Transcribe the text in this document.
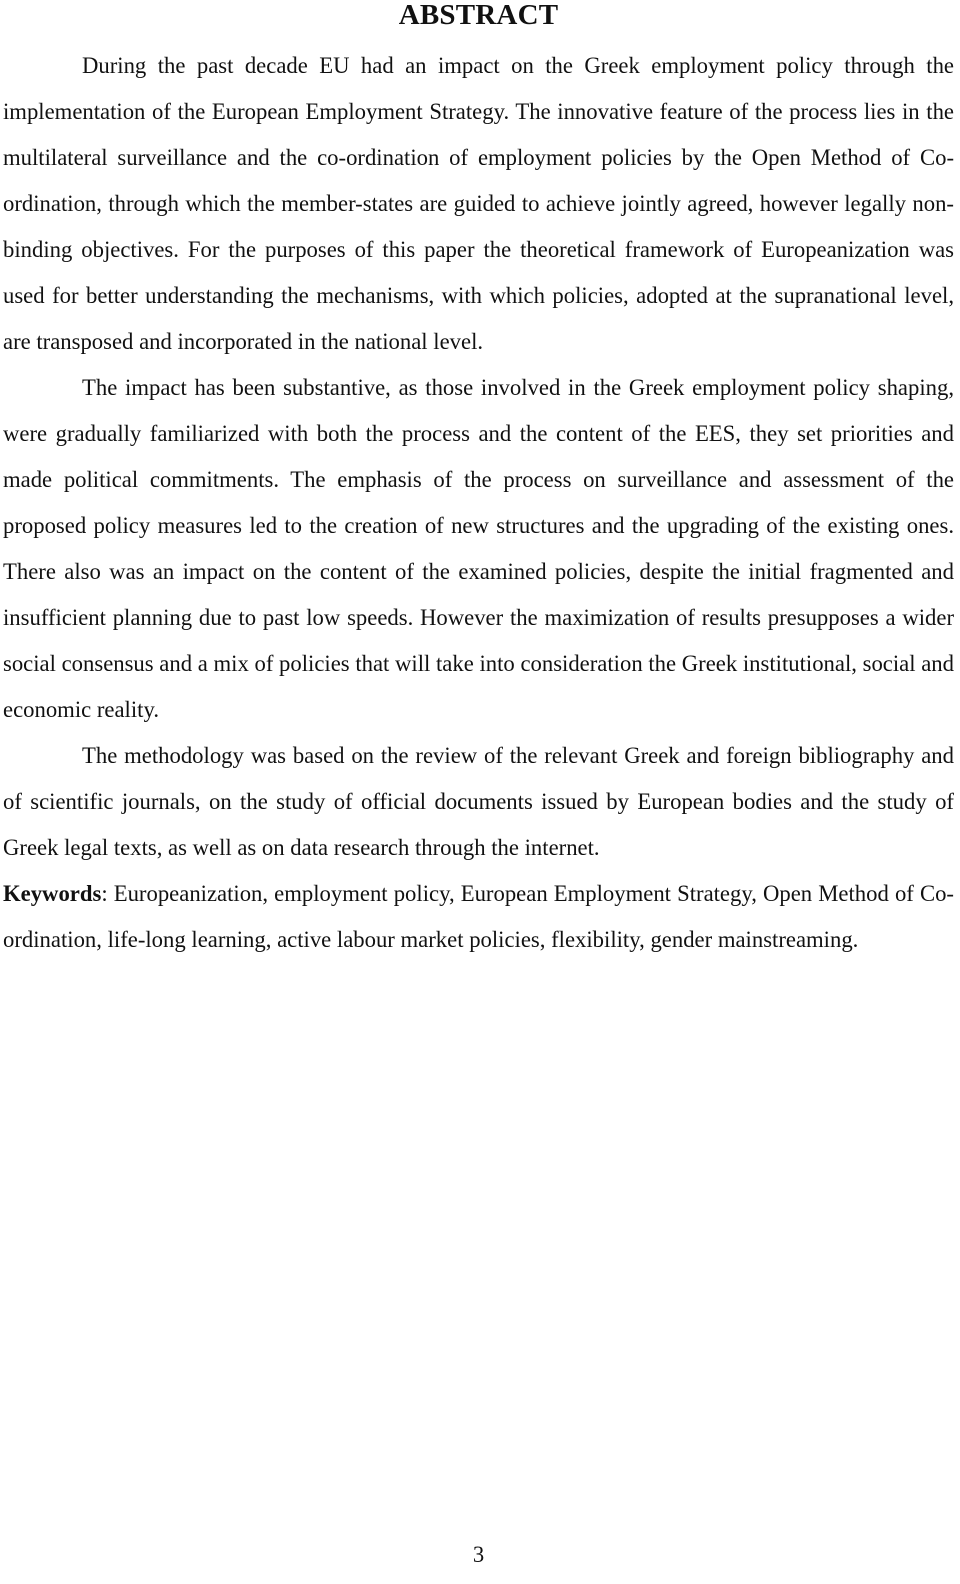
ABSTRACT

During the past decade EU had an impact on the Greek employment policy through the implementation of the European Employment Strategy. The innovative feature of the process lies in the multilateral surveillance and the co-ordination of employment policies by the Open Method of Co-ordination, through which the member-states are guided to achieve jointly agreed, however legally non-binding objectives. For the purposes of this paper the theoretical framework of Europeanization was used for better understanding the mechanisms, with which policies, adopted at the supranational level, are transposed and incorporated in the national level.

The impact has been substantive, as those involved in the Greek employment policy shaping, were gradually familiarized with both the process and the content of the EES, they set priorities and made political commitments. The emphasis of the process on surveillance and assessment of the proposed policy measures led to the creation of new structures and the upgrading of the existing ones. There also was an impact on the content of the examined policies, despite the initial fragmented and insufficient planning due to past low speeds. However the maximization of results presupposes a wider social consensus and a mix of policies that will take into consideration the Greek institutional, social and economic reality.

The methodology was based on the review of the relevant Greek and foreign bibliography and of scientific journals, on the study of official documents issued by European bodies and the study of Greek legal texts, as well as on data research through the internet.

Keywords: Europeanization, employment policy, European Employment Strategy, Open Method of Co-ordination, life-long learning, active labour market policies, flexibility, gender mainstreaming.

3
